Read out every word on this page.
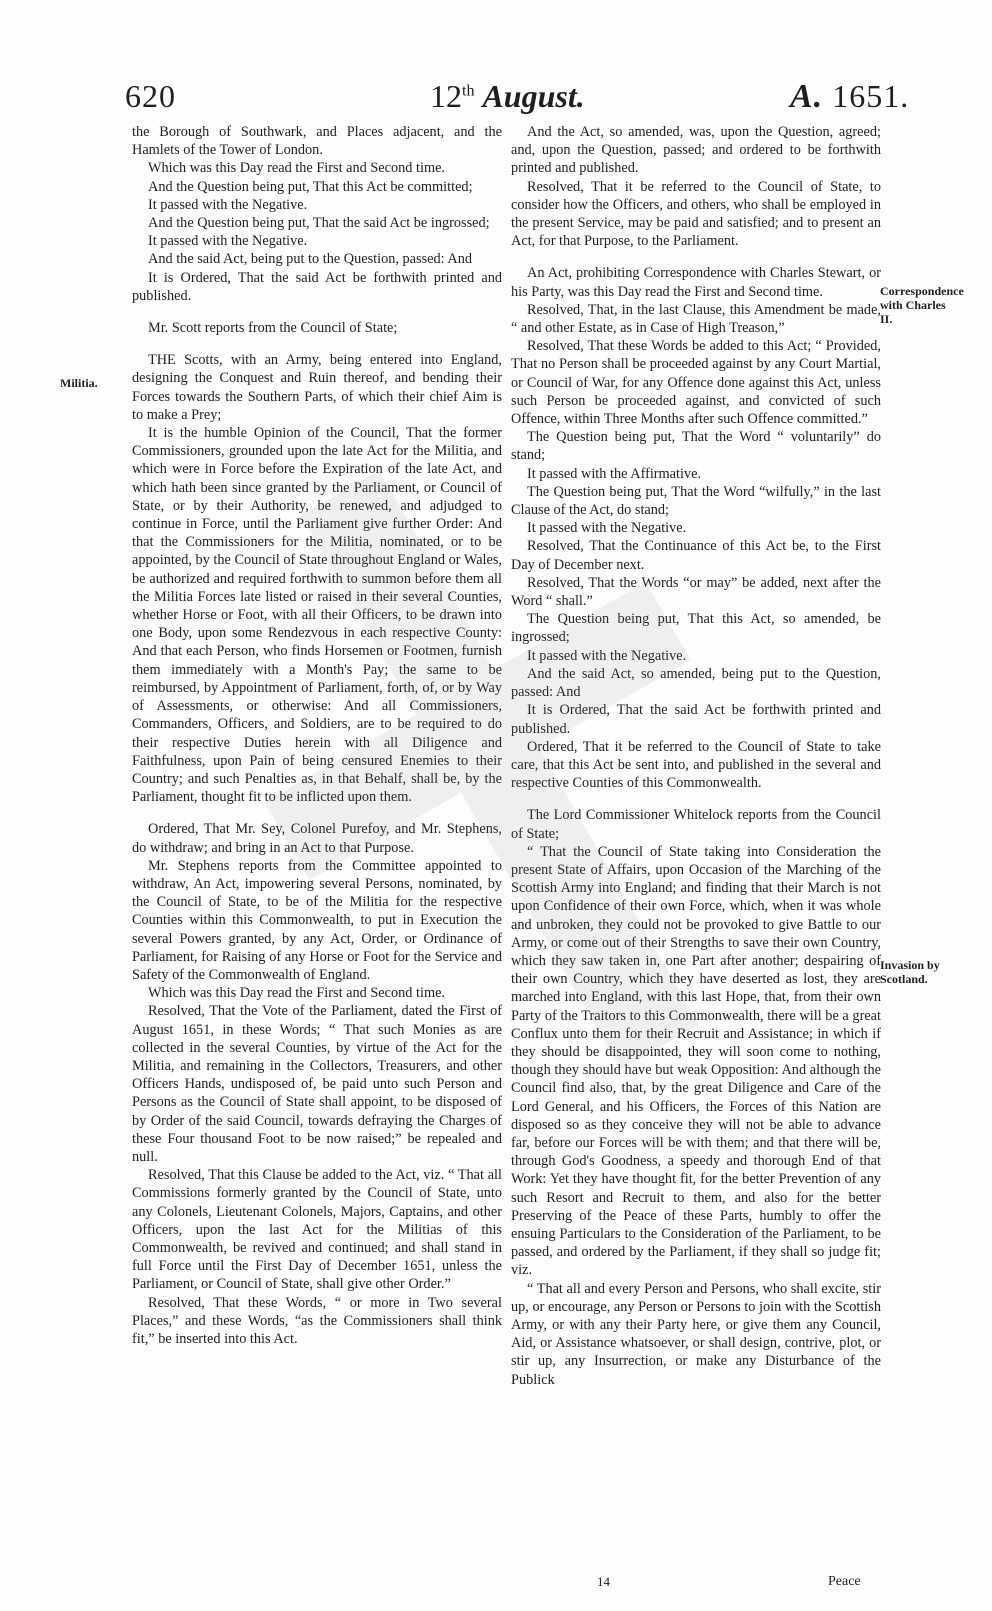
620	12th August.	A. 1651.
Militia.
Correspondence with Charles II.
Invasion by Scotland.

the Borough of Southwark, and Places adjacent, and the Hamlets of the Tower of London.

Which was this Day read the First and Second time.

And the Question being put, That this Act be committed;

It passed with the Negative.

And the Question being put, That the said Act be ingrossed;

It passed with the Negative.

And the said Act, being put to the Question, passed: And

It is Ordered, That the said Act be forthwith printed and published.

Mr. Scott reports from the Council of State;

THE Scotts, with an Army, being entered into England, designing the Conquest and Ruin thereof, and bending their Forces towards the Southern Parts, of which their chief Aim is to make a Prey;

It is the humble Opinion of the Council, That the former Commissioners, grounded upon the late Act for the Militia, and which were in Force before the Expiration of the late Act, and which hath been since granted by the Parliament, or Council of State, or by their Authority, be renewed, and adjudged to continue in Force, until the Parliament give further Order: And that the Commissioners for the Militia, nominated, or to be appointed, by the Council of State throughout England or Wales, be authorized and required forthwith to summon before them all the Militia Forces late listed or raised in their several Counties, whether Horse or Foot, with all their Officers, to be drawn into one Body, upon some Rendezvous in each respective County: And that each Person, who finds Horsemen or Footmen, furnish them immediately with a Month's Pay; the same to be reimbursed, by Appointment of Parliament, forth, of, or by Way of Assessments, or otherwise: And all Commissioners, Commanders, Officers, and Soldiers, are to be required to do their respective Duties herein with all Diligence and Faithfulness, upon Pain of being censured Enemies to their Country; and such Penalties as, in that Behalf, shall be, by the Parliament, thought fit to be inflicted upon them.

Ordered, That Mr. Sey, Colonel Purefoy, and Mr. Stephens, do withdraw; and bring in an Act to that Purpose.

Mr. Stephens reports from the Committee appointed to withdraw, An Act, impowering several Persons, nominated, by the Council of State, to be of the Militia for the respective Counties within this Commonwealth, to put in Execution the several Powers granted, by any Act, Order, or Ordinance of Parliament, for Raising of any Horse or Foot for the Service and Safety of the Commonwealth of England.

Which was this Day read the First and Second time.

Resolved, That the Vote of the Parliament, dated the First of August 1651, in these Words; “ That such Monies as are collected in the several Counties, by virtue of the Act for the Militia, and remaining in the Collectors, Treasurers, and other Officers Hands, undisposed of, be paid unto such Person and Persons as the Council of State shall appoint, to be disposed of by Order of the said Council, towards defraying the Charges of these Four thousand Foot to be now raised;” be repealed and null.

Resolved, That this Clause be added to the Act, viz. “ That all Commissions formerly granted by the Council of State, unto any Colonels, Lieutenant Colonels, Majors, Captains, and other Officers, upon the last Act for the Militias of this Commonwealth, be revived and continued; and shall stand in full Force until the First Day of December 1651, unless the Parliament, or Council of State, shall give other Order.”

Resolved, That these Words, “ or more in Two several Places,” and these Words, “as the Commissioners shall think fit,” be inserted into this Act.

And the Act, so amended, was, upon the Question, agreed; and, upon the Question, passed; and ordered to be forthwith printed and published.

Resolved, That it be referred to the Council of State, to consider how the Officers, and others, who shall be employed in the present Service, may be paid and satisfied; and to present an Act, for that Purpose, to the Parliament.

An Act, prohibiting Correspondence with Charles Stewart, or his Party, was this Day read the First and Second time.

Resolved, That, in the last Clause, this Amendment be made, “ and other Estate, as in Case of High Treason,”

Resolved, That these Words be added to this Act; “ Provided, That no Person shall be proceeded against by any Court Martial, or Council of War, for any Offence done against this Act, unless such Person be proceeded against, and convicted of such Offence, within Three Months after such Offence committed.”

The Question being put, That the Word “ voluntarily” do stand;

It passed with the Affirmative.

The Question being put, That the Word “wilfully,” in the last Clause of the Act, do stand;

It passed with the Negative.

Resolved, That the Continuance of this Act be, to the First Day of December next.

Resolved, That the Words “or may” be added, next after the Word “ shall.”

The Question being put, That this Act, so amended, be ingrossed;

It passed with the Negative.

And the said Act, so amended, being put to the Question, passed: And

It is Ordered, That the said Act be forthwith printed and published.

Ordered, That it be referred to the Council of State to take care, that this Act be sent into, and published in the several and respective Counties of this Commonwealth.

The Lord Commissioner Whitelock reports from the Council of State;

“ That the Council of State taking into Consideration the present State of Affairs, upon Occasion of the Marching of the Scottish Army into England; and finding that their March is not upon Confidence of their own Force, which, when it was whole and unbroken, they could not be provoked to give Battle to our Army, or come out of their Strengths to save their own Country, which they saw taken in, one Part after another; despairing of their own Country, which they have deserted as lost, they are marched into England, with this last Hope, that, from their own Party of the Traitors to this Commonwealth, there will be a great Conflux unto them for their Recruit and Assistance; in which if they should be disappointed, they will soon come to nothing, though they should have but weak Opposition: And although the Council find also, that, by the great Diligence and Care of the Lord General, and his Officers, the Forces of this Nation are disposed so as they conceive they will not be able to advance far, before our Forces will be with them; and that there will be, through God's Goodness, a speedy and thorough End of that Work: Yet they have thought fit, for the better Prevention of any such Resort and Recruit to them, and also for the better Preserving of the Peace of these Parts, humbly to offer the ensuing Particulars to the Consideration of the Parliament, to be passed, and ordered by the Parliament, if they shall so judge fit; viz.

“ That all and every Person and Persons, who shall excite, stir up, or encourage, any Person or Persons to join with the Scottish Army, or with any their Party here, or give them any Council, Aid, or Assistance whatsoever, or shall design, contrive, plot, or stir up, any Insurrection, or make any Disturbance of the Publick

14	Peace
